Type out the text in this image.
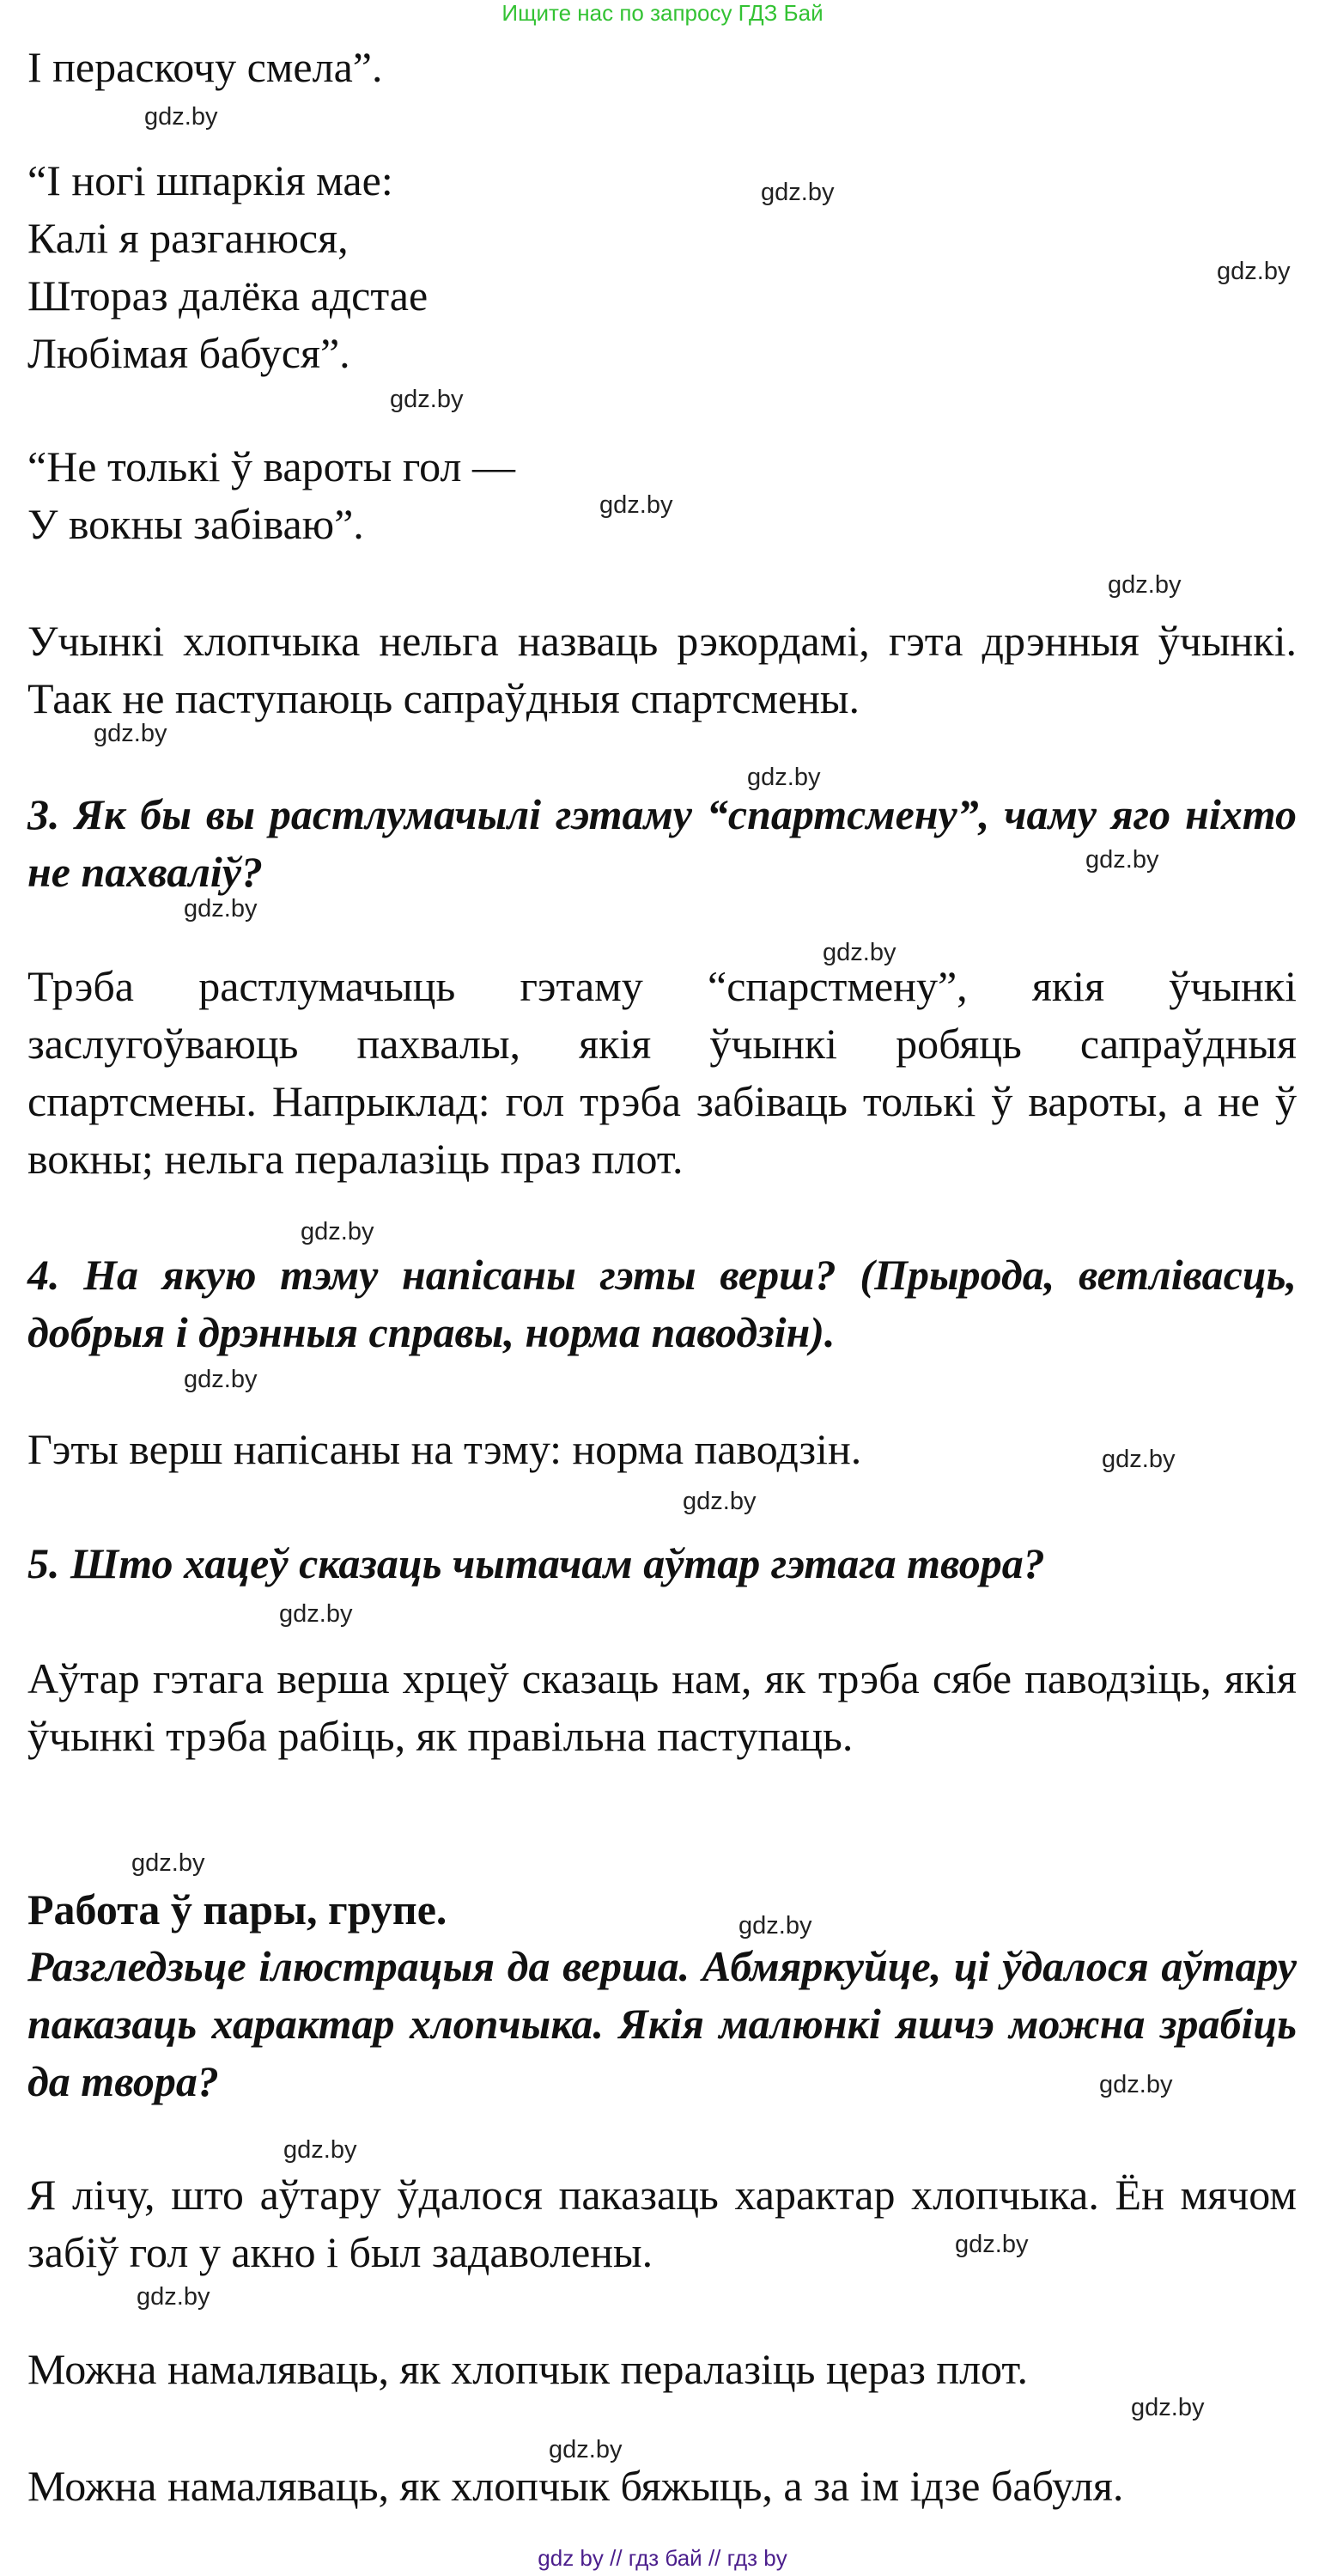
Ищите нас по запросу ГДЗ Бай
І пераскочу смела”.
“І ногі шпаркія мае:
Калі я разганюся,
Штораз далёка адстае
Любімая бабуся”.
“Не толькі ў вароты гол —
У вокны забіваю”.

Учынкі хлопчыка нельга назваць рэкордамі, гэта дрэнныя ўчынкі. Таак не паступаюць сапраўдныя спартсмены.

3. Як бы вы растлумачылі гэтаму “спартсмену”, чаму яго ніхто не пахваліў?

Трэба растлумачыць гэтаму “спарстмену”, якія ўчынкі заслугоўваюць пахвалы, якія ўчынкі робяць сапраўдныя спартсмены. Напрыклад: гол трэба забіваць толькі ў вароты, а не ў вокны; нельга пералазіць праз плот.

4. На якую тэму напісаны гэты верш? (Прырода, ветлівасць, добрыя і дрэнныя справы, норма паводзін).

Гэты верш напісаны на тэму: норма паводзін.

5. Што хацеў сказаць чытачам аўтар гэтага твора?

Аўтар гэтага верша хрцеў сказаць нам, як трэба сябе паводзіць, якія ўчынкі трэба рабіць, як правільна паступаць.

Работа ў пары, групе.

Разгледзьце ілюстрацыя да верша. Абмяркуйце, ці ўдалося аўтару паказаць характар хлопчыка. Якія малюнкі яшчэ можна зрабіць да твора?

Я лічу, што аўтару ўдалося паказаць характар хлопчыка. Ён мячом забіў гол у акно і был задаволены.

Можна намаляваць, як хлопчык пералазіць цераз плот.

Можна намаляваць, як хлопчык бяжыць, а за ім ідзе бабуля.

gdz.by
gdz.by
gdz.by
gdz.by
gdz.by
gdz.by
gdz.by
gdz.by
gdz.by
gdz.by
gdz.by
gdz.by
gdz.by
gdz.by
gdz.by
gdz.by
gdz.by
gdz.by
gdz.by
gdz.by
gdz.by
gdz.by
gdz.by
gdz.by
gdz by // гдз бай // гдз by
